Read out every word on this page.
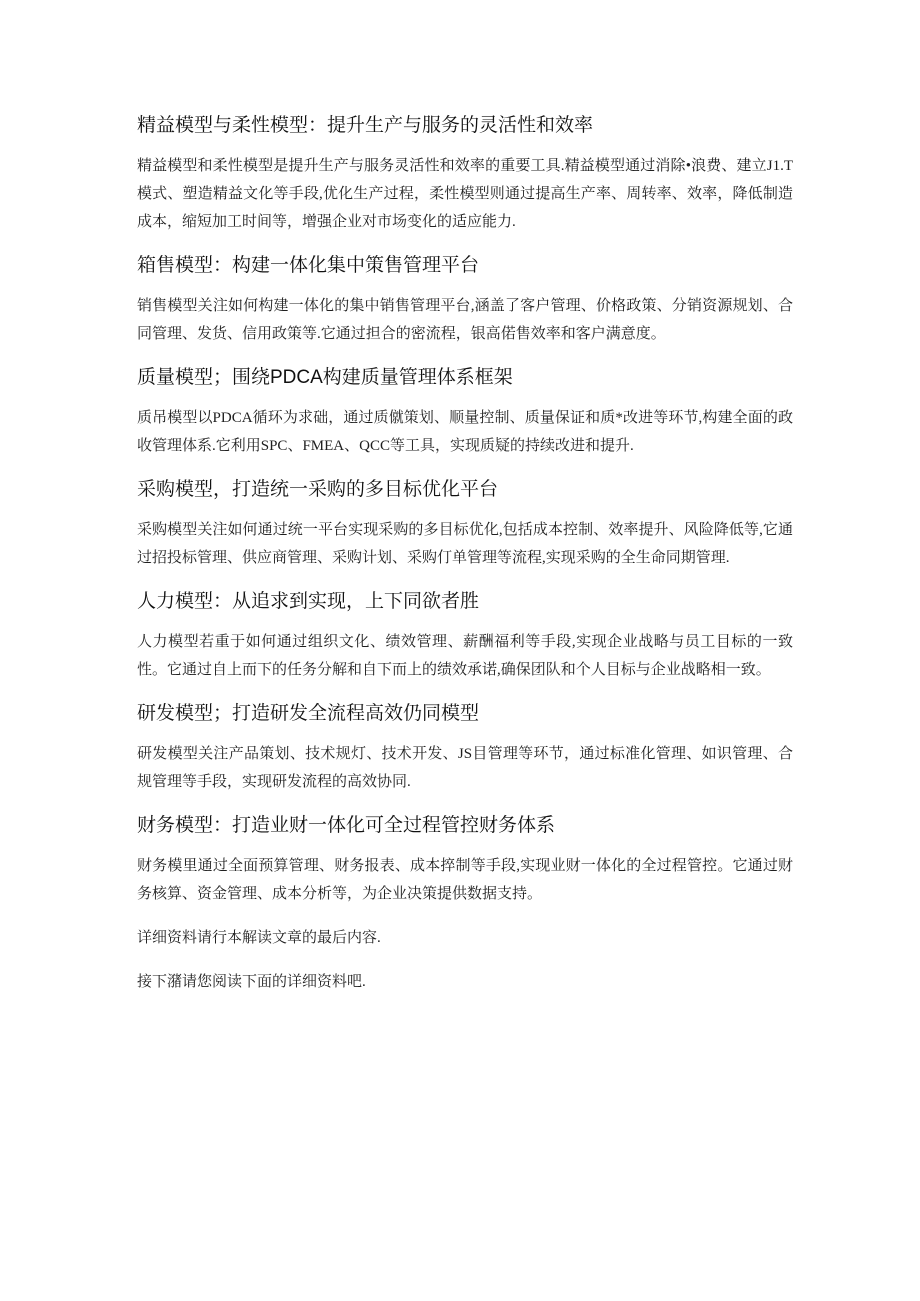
精益模型与柔性模型：提升生产与服务的灵活性和效率

精益模型和柔性模型是提升生产与服务灵活性和效率的重要工具.精益模型通过消除•浪费、建立J1.T模式、塑造精益文化等手段,优化生产过程，柔性模型则通过提高生产率、周转率、效率，降低制造成本，缩短加工时间等，增强企业对市场变化的适应能力.

箱售模型：构建一体化集中策售管理平台

销售模型关注如何构建一体化的集中销售管理平台,涵盖了客户管理、价格政策、分销资源规划、合同管理、发货、信用政策等.它通过担合的密流程，银高偌售效率和客户满意度。

质量模型；围绕PDCA构建质量管理体系框架

质吊模型以PDCA循环为求础，通过质僦策划、顺量控制、质量保证和质*改进等环节,构建全面的政收管理体系.它利用SPC、FMEA、QCC等工具，实现质疑的持续改进和提升.

采购模型，打造统一采购的多目标优化平台

采购模型关注如何通过统一平台实现采购的多目标优化,包括成本控制、效率提升、风险降低等,它通过招投标管理、供应商管理、采购计划、采购仃单管理等流程,实现采购的全生命同期管理.

人力模型：从追求到实现，上下同欲者胜

人力模型若重于如何通过组织文化、绩效管理、薪酬福利等手段,实现企业战略与员工目标的一致性。它通过自上而下的任务分解和自下而上的绩效承诺,确保团队和个人目标与企业战略相一致。

研发模型；打造研发全流程高效仍同模型

研发模型关注产品策划、技术规灯、技术开发、JS目管理等环节，通过标准化管理、如识管理、合规管理等手段，实现研发流程的高效协同.

财务模型：打造业财一体化可全过程管控财务体系

财务模里通过全面预算管理、财务报表、成本捽制等手段,实现业财一体化的全过程管控。它通过财务核算、资金管理、成本分析等，为企业决策提供数据支持。

详细资料请行本解读文章的最后内容.

接下潴请您阅读下面的详细资料吧.
